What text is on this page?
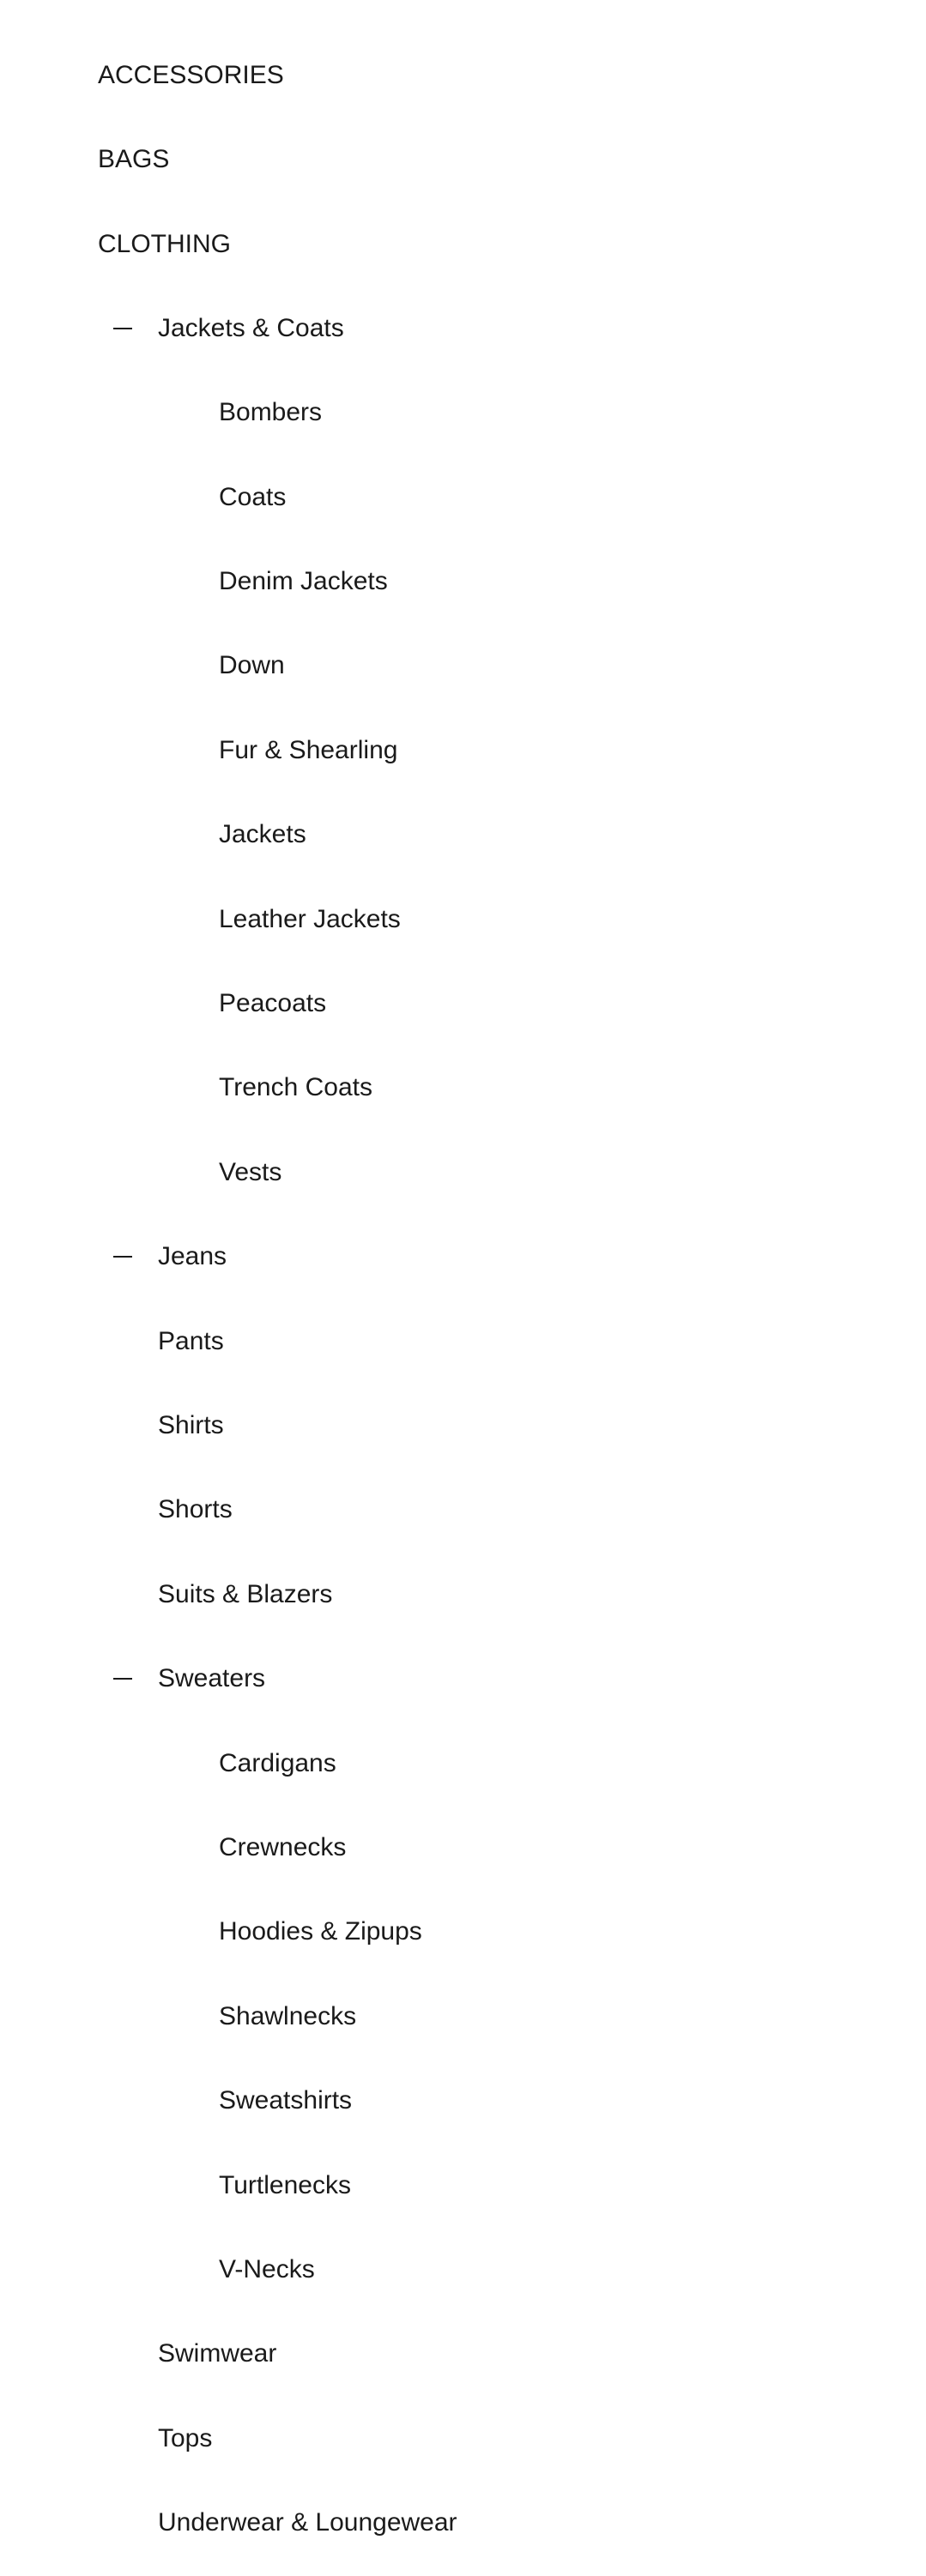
ACCESSORIES
BAGS
CLOTHING
Jackets & Coats
Bombers
Coats
Denim Jackets
Down
Fur & Shearling
Jackets
Leather Jackets
Peacoats
Trench Coats
Vests
Jeans
Pants
Shirts
Shorts
Suits & Blazers
Sweaters
Cardigans
Crewnecks
Hoodies & Zipups
Shawlnecks
Sweatshirts
Turtlenecks
V-Necks
Swimwear
Tops
Underwear & Loungewear
